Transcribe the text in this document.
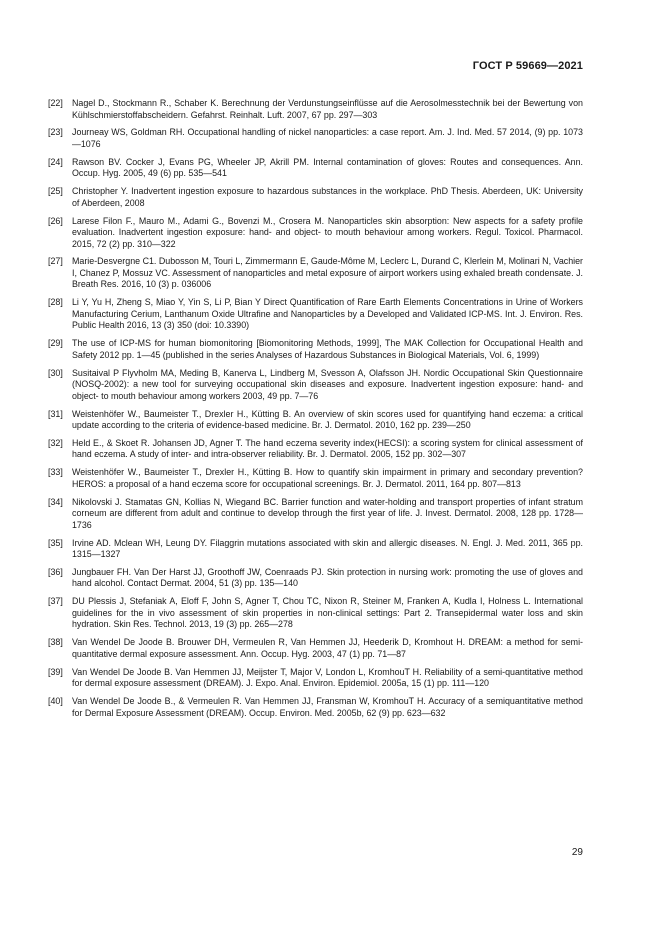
ГОСТ Р 59669—2021
[22]	Nagel D., Stockmann R., Schaber K. Berechnung der Verdunstungseinflüsse auf die Aerosolmesstechnik bei der Bewertung von Kühlschmierstoffabscheidern. Gefahrst. Reinhalt. Luft. 2007, 67 pp. 297—303
[23]	Journeay WS, Goldman RH. Occupational handling of nickel nanoparticles: a case report. Am. J. Ind. Med. 57 2014, (9) pp. 1073—1076
[24]	Rawson BV. Cocker J, Evans PG, Wheeler JP, Akrill PM. Internal contamination of gloves: Routes and consequences. Ann. Occup. Hyg. 2005, 49 (6) pp. 535—541
[25]	Christopher Y. Inadvertent ingestion exposure to hazardous substances in the workplace. PhD Thesis. Aberdeen, UK: University of Aberdeen, 2008
[26]	Larese Filon F., Mauro M., Adami G., Bovenzi M., Crosera M. Nanoparticles skin absorption: New aspects for a safety profile evaluation. Inadvertent ingestion exposure: hand- and object- to mouth behaviour among workers. Regul. Toxicol. Pharmacol. 2015, 72 (2) pp. 310—322
[27]	Marie-Desvergne C1. Dubosson M, Touri L, Zimmermann E, Gaude-Môme M, Leclerc L, Durand C, Klerlein M, Molinari N, Vachier I, Chanez P, Mossuz VC. Assessment of nanoparticles and metal exposure of airport workers using exhaled breath condensate. J. Breath Res. 2016, 10 (3) p. 036006
[28]	Li Y, Yu H, Zheng S, Miao Y, Yin S, Li P, Bian Y Direct Quantification of Rare Earth Elements Concentrations in Urine of Workers Manufacturing Cerium, Lanthanum Oxide Ultrafine and Nanoparticles by a Developed and Validated ICP-MS. Int. J. Environ. Res. Public Health 2016, 13 (3) 350 (doi: 10.3390)
[29]	The use of ICP-MS for human biomonitoring [Biomonitoring Methods, 1999], The MAK Collection for Occupational Health and Safety 2012 pp. 1—45 (published in the series Analyses of Hazardous Substances in Biological Materials, Vol. 6, 1999)
[30]	Susitaival P Flyvholm MA, Meding B, Kanerva L, Lindberg M, Svesson A, Olafsson JH. Nordic Occupational Skin Questionnaire (NOSQ-2002): a new tool for surveying occupational skin diseases and exposure. Inadvertent ingestion exposure: hand- and object- to mouth behaviour among workers 2003, 49 pp. 7—76
[31]	Weistenhöfer W., Baumeister T., Drexler H., Kütting B. An overview of skin scores used for quantifying hand eczema: a critical update according to the criteria of evidence-based medicine. Br. J. Dermatol. 2010, 162 pp. 239—250
[32]	Held E., & Skoet R. Johansen JD, Agner T. The hand eczema severity index(HECSI): a scoring system for clinical assessment of hand eczema. A study of inter- and intra-observer reliability. Br. J. Dermatol. 2005, 152 pp. 302—307
[33]	Weistenhöfer W., Baumeister T., Drexler H., Kütting B. How to quantify skin impairment in primary and secondary prevention? HEROS: a proposal of a hand eczema score for occupational screenings. Br. J. Dermatol. 2011, 164 pp. 807—813
[34]	Nikolovski J. Stamatas GN, Kollias N, Wiegand BC. Barrier function and water-holding and transport properties of infant stratum corneum are different from adult and continue to develop through the first year of life. J. Invest. Dermatol. 2008, 128 pp. 1728—1736
[35]	Irvine AD. Mclean WH, Leung DY. Filaggrin mutations associated with skin and allergic diseases. N. Engl. J. Med. 2011, 365 pp. 1315—1327
[36]	Jungbauer FH. Van Der Harst JJ, Groothoff JW, Coenraads PJ. Skin protection in nursing work: promoting the use of gloves and hand alcohol. Contact Dermat. 2004, 51 (3) pp. 135—140
[37]	DU Plessis J, Stefaniak A, Eloff F, John S, Agner T, Chou TC, Nixon R, Steiner M, Franken A, Kudla I, Holness L. International guidelines for the in vivo assessment of skin properties in non-clinical settings: Part 2. Transepidermal water loss and skin hydration. Skin Res. Technol. 2013, 19 (3) pp. 265—278
[38]	Van Wendel De Joode B. Brouwer DH, Vermeulen R, Van Hemmen JJ, Heederik D, Kromhout H. DREAM: a method for semi-quantitative dermal exposure assessment. Ann. Occup. Hyg. 2003, 47 (1) pp. 71—87
[39]	Van Wendel De Joode B. Van Hemmen JJ, Meijster T, Major V, London L, KromhouT H. Reliability of a semi-quantitative method for dermal exposure assessment (DREAM). J. Expo. Anal. Environ. Epidemiol. 2005a, 15 (1) pp. 111—120
[40]	Van Wendel De Joode B., & Vermeulen R. Van Hemmen JJ, Fransman W, KromhouT H. Accuracy of a semiquantitative method for Dermal Exposure Assessment (DREAM). Occup. Environ. Med. 2005b, 62 (9) pp. 623—632
29
